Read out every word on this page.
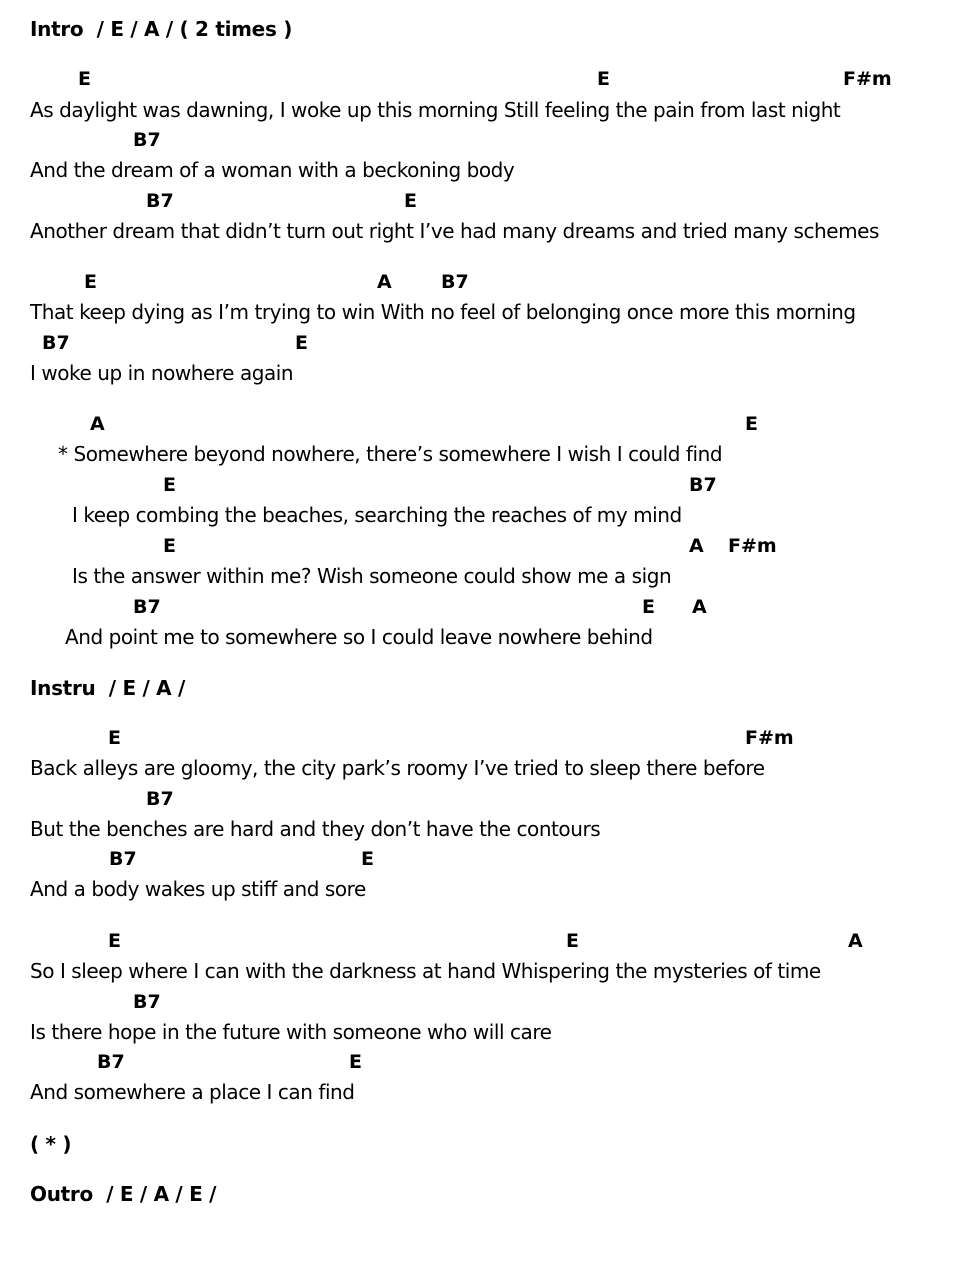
Intro  / E / A / ( 2 times )
E	E	F#m
As daylight was dawning, I woke up this morning Still feeling the pain from last night
B7
And the dream of a woman with a beckoning body
B7	E
Another dream that didn’t turn out right I’ve had many dreams and tried many schemes
E	A	B7
That keep dying as I’m trying to win With no feel of belonging once more this morning
B7	E
I woke up in nowhere again
A	E
* Somewhere beyond nowhere, there’s somewhere I wish I could find
E	B7
I keep combing the beaches, searching the reaches of my mind
E	A F#m
Is the answer within me? Wish someone could show me a sign
B7	E A
And point me to somewhere so I could leave nowhere behind
Instru  / E / A /
E	F#m
Back alleys are gloomy, the city park’s roomy I’ve tried to sleep there before
B7
But the benches are hard and they don’t have the contours
B7	E
And a body wakes up stiff and sore
E	E	A
So I sleep where I can with the darkness at hand Whispering the mysteries of time
B7
Is there hope in the future with someone who will care
B7	E
And somewhere a place I can find
( * )
Outro  / E / A / E /
